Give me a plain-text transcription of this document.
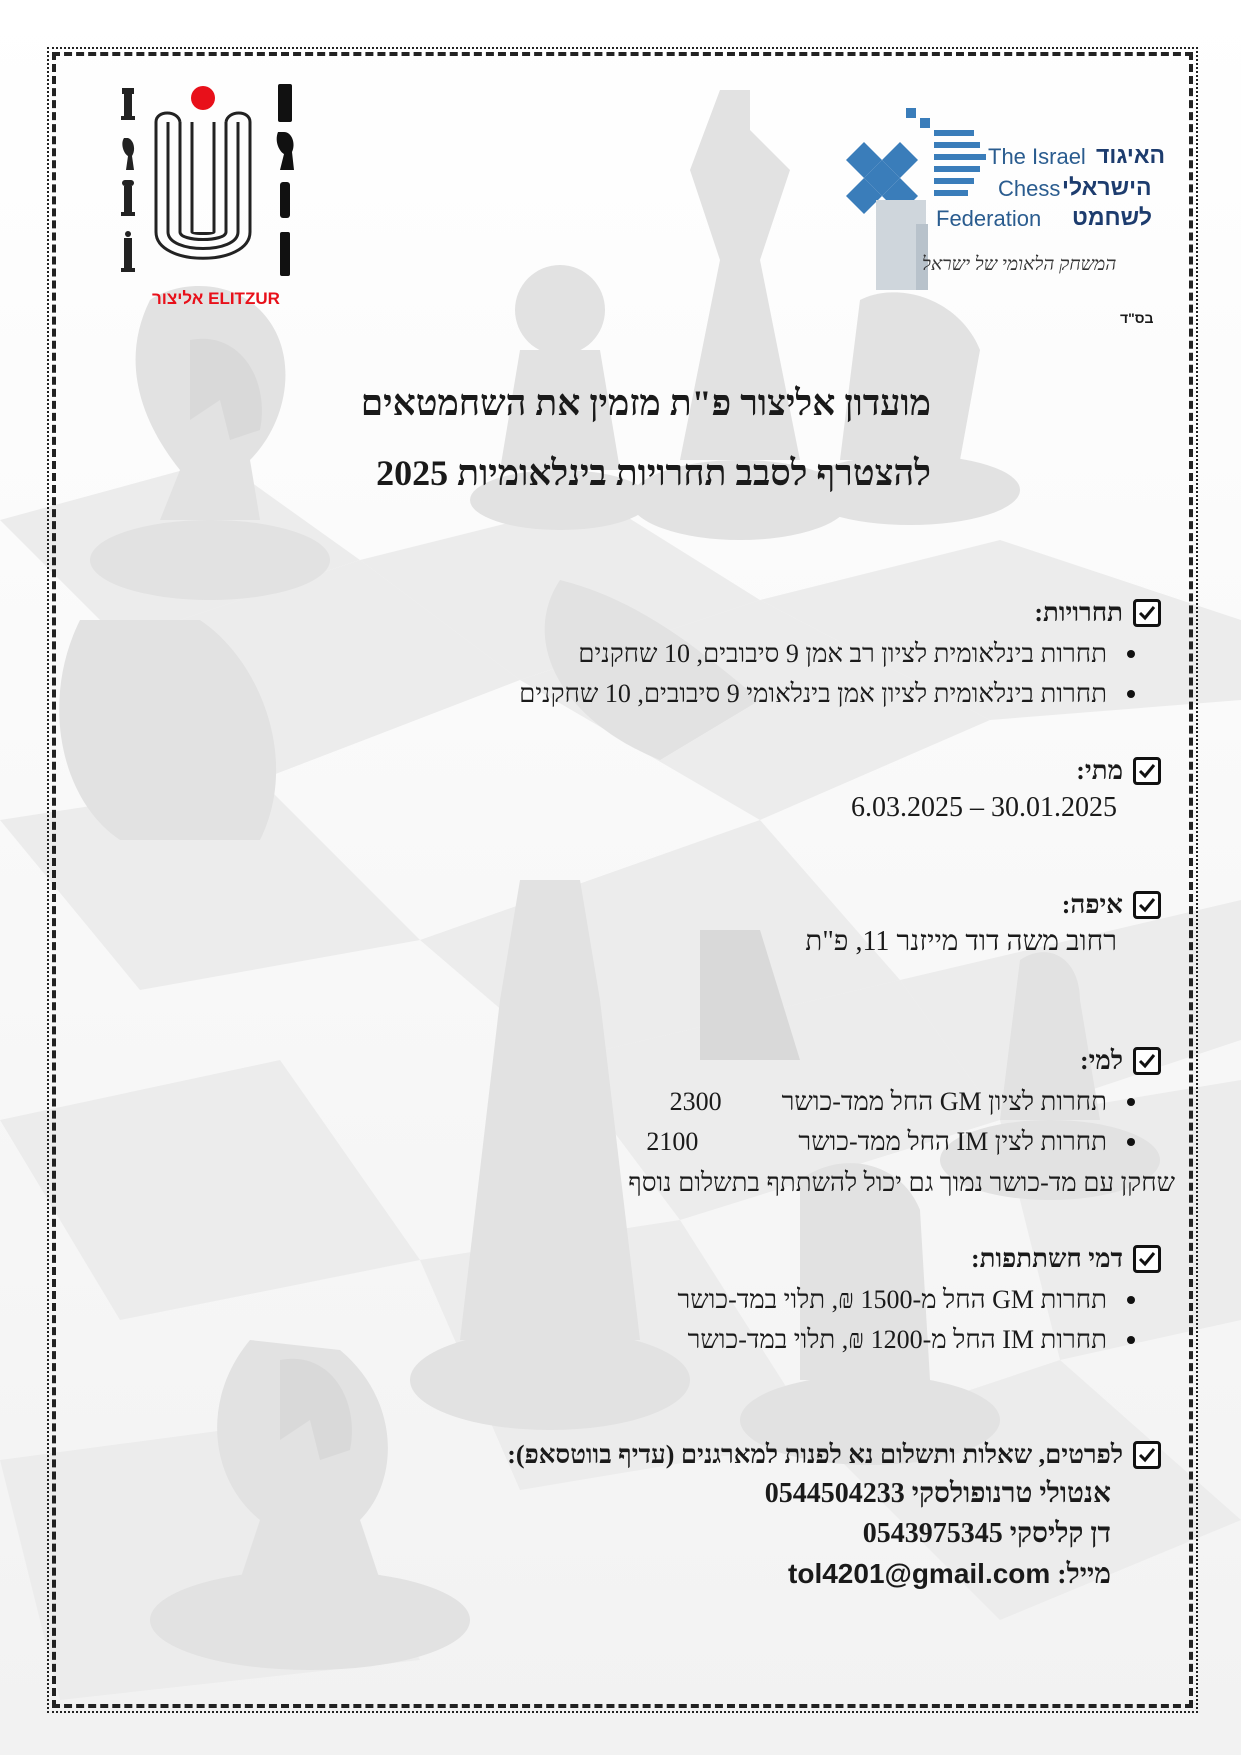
אליצור ELITZUR
The Israel האיגוד
Chess הישראלי
Federation לשחמט
המשחק הלאומי של ישראל
בס"ד
מועדון אליצור פ"ת מזמין את השחמטאים
להצטרף לסבב תחרויות בינלאומיות 2025
תחרויות:
תחרות בינלאומית לציון רב אמן 9 סיבובים, 10 שחקנים
תחרות בינלאומית לציון אמן בינלאומי 9 סיבובים, 10 שחקנים
מתי:
6.03.2025 – 30.01.2025
איפה:
רחוב משה דוד מייזנר 11, פ"ת
למי:
תחרות לציון GM החל ממד-כושר2300
תחרות לצין IM החל ממד-כושר2100
שחקן עם מד-כושר נמוך גם יכול להשתתף בתשלום נוסף
דמי חשתתפות:
תחרות GM החל מ-1500 ₪, תלוי במד-כושר
תחרות IM החל מ-1200 ₪, תלוי במד-כושר
לפרטים, שאלות ותשלום נא לפנות למארגנים (עדיף בווטסאפ):
אנטולי טרנופולסקי 0544504233
דן קליסקי 0543975345
מייל: tol4201@gmail.com
